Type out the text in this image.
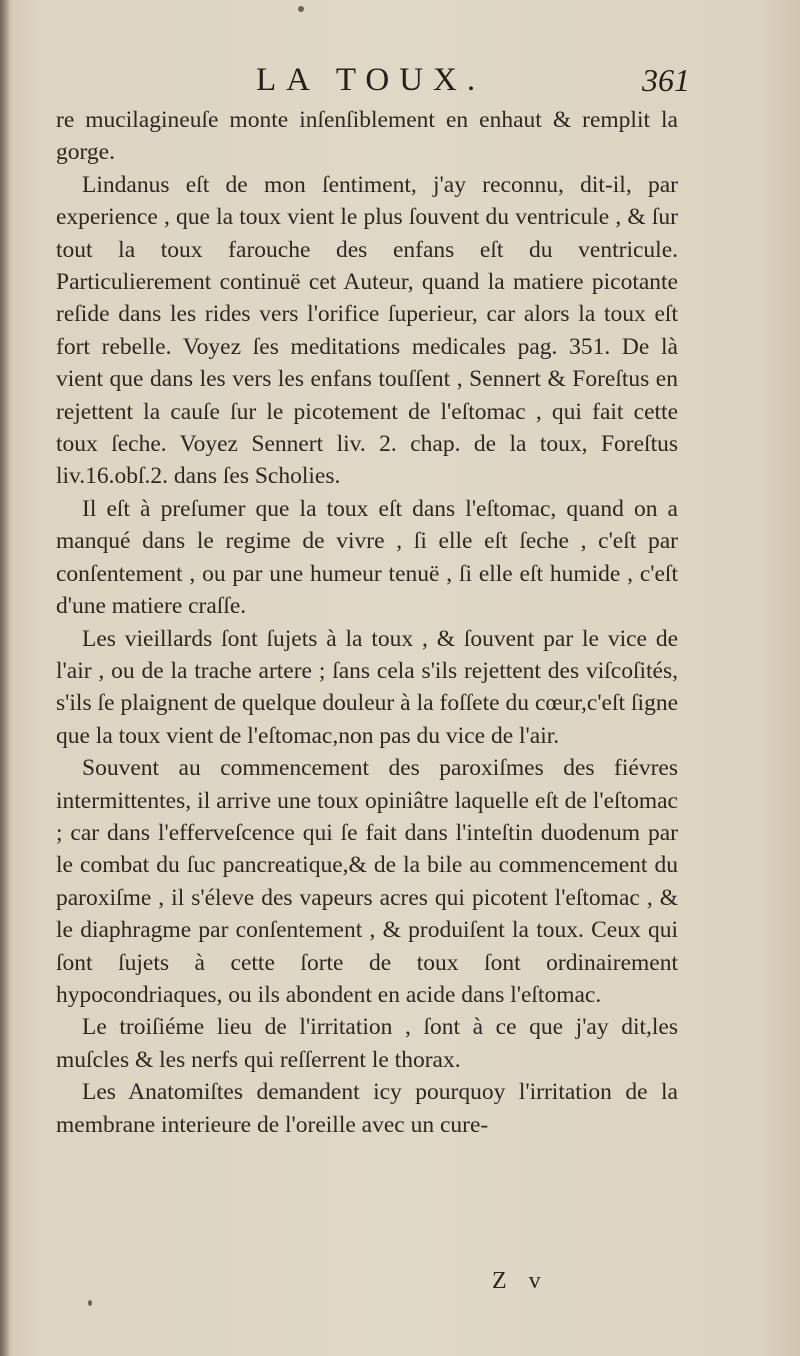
LA TOUX.	361

re mucilagineuſe monte inſenſiblement en enhaut & remplit la gorge.

Lindanus eſt de mon ſentiment, j'ay reconnu, dit-il, par experience , que la toux vient le plus ſouvent du ventricule , & ſur tout la toux farouche des enfans eſt du ventricule. Particulierement continuë cet Auteur, quand la matiere picotante reſide dans les rides vers l'orifice ſuperieur, car alors la toux eſt fort rebelle. Voyez ſes meditations medicales pag. 351. De là vient que dans les vers les enfans touſſent , Sennert & Foreſtus en rejettent la cauſe ſur le picotement de l'eſtomac , qui fait cette toux ſeche. Voyez Sennert liv. 2. chap. de la toux, Foreſtus liv.16.obſ.2. dans ſes Scholies.

Il eſt à preſumer que la toux eſt dans l'eſtomac, quand on a manqué dans le regime de vivre , ſi elle eſt ſeche , c'eſt par conſentement , ou par une humeur tenuë , ſi elle eſt humide , c'eſt d'une matiere craſſe.

Les vieillards ſont ſujets à la toux , & ſouvent par le vice de l'air , ou de la trache artere ; ſans cela s'ils rejettent des viſcoſités, s'ils ſe plaignent de quelque douleur à la foſſete du cœur,c'eſt ſigne que la toux vient de l'eſtomac,non pas du vice de l'air.

Souvent au commencement des paroxiſmes des fiévres intermittentes, il arrive une toux opiniâtre laquelle eſt de l'eſtomac ; car dans l'effervеſcence qui ſe fait dans l'inteſtin duodenum par le combat du ſuc pancreatique,& de la bile au commencement du paroxiſme , il s'éleve des vapeurs acres qui picotent l'eſtomac , & le diaphragme par conſentement , & produiſent la toux. Ceux qui ſont ſujets à cette ſorte de toux ſont ordinairement hypocondriaques, ou ils abondent en acide dans l'eſtomac.

Le troiſiéme lieu de l'irritation , ſont à ce que j'ay dit,les muſcles & les nerfs qui reſſerrent le thorax.

Les Anatomiſtes demandent icy pourquoy l'irritation de la membrane interieure de l'oreille avec un cure-

Z v
